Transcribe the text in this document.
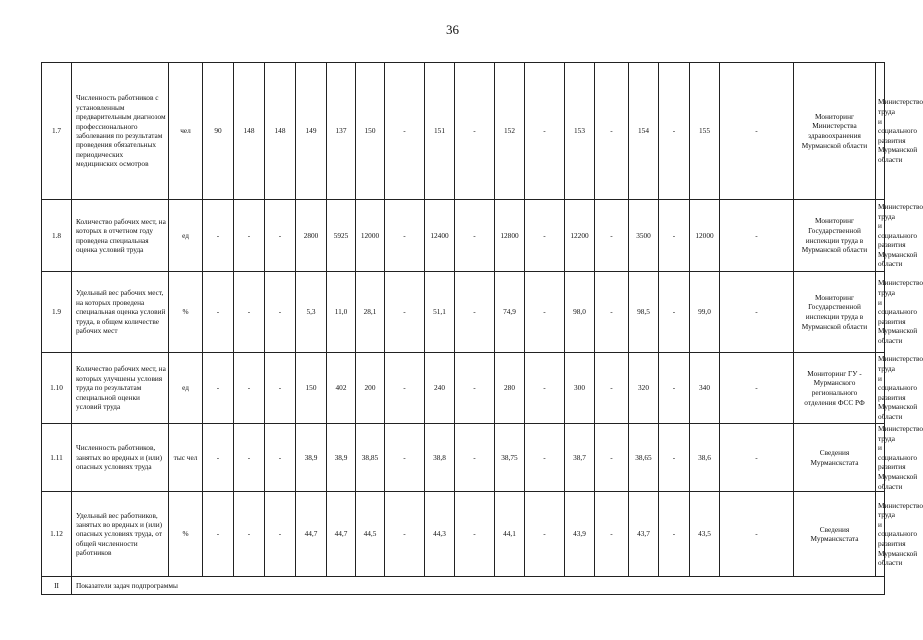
36
1.7	Численность работников с установленным предварительным диагнозом профессионального заболевания по результатам проведения обязательных периодических медицинских осмотров	чел	90	148	148	149	137	150	-	151	-	152	-	153	-	154	-	155	-	Мониторинг Министерства здравоохранения Мурманской области	Министерство труда и социального развития Мурманской области
1.8	Количество рабочих мест, на которых в отчетном году проведена специальная оценка условий труда	ед	-	-	-	2800	5925	12000	-	12400	-	12800	-	12200	-	3500	-	12000	-	Мониторинг Государственной инспекции труда в Мурманской области	Министерство труда и социального развития Мурманской области
1.9	Удельный вес рабочих мест, на которых проведена специальная оценка условий труда, в общем количестве рабочих мест	%	-	-	-	5,3	11,0	28,1	-	51,1	-	74,9	-	98,0	-	98,5	-	99,0	-	Мониторинг Государственной инспекции труда в Мурманской области	Министерство труда и социального развития Мурманской области
1.10	Количество рабочих мест, на которых улучшены условия труда по результатам специальной оценки условий труда	ед	-	-	-	150	402	200	-	240	-	280	-	300	-	320	-	340	-	Мониторинг ГУ - Мурманского регионального отделения ФСС РФ	Министерство труда и социального развития Мурманской области
1.11	Численность работников, занятых во вредных и (или) опасных условиях труда	тыс чел	-	-	-	38,9	38,9	38,85	-	38,8	-	38,75	-	38,7	-	38,65	-	38,6	-	Сведения Мурманскстата	Министерство труда и социального развития Мурманской области
1.12	Удельный вес работников, занятых во вредных и (или) опасных условиях труда, от общей численности работников	%	-	-	-	44,7	44,7	44,5	-	44,3	-	44,1	-	43,9	-	43,7	-	43,5	-	Сведения Мурманскстата	Министерство труда и социального развития Мурманской области
II	Показатели задач подпрограммы																				
